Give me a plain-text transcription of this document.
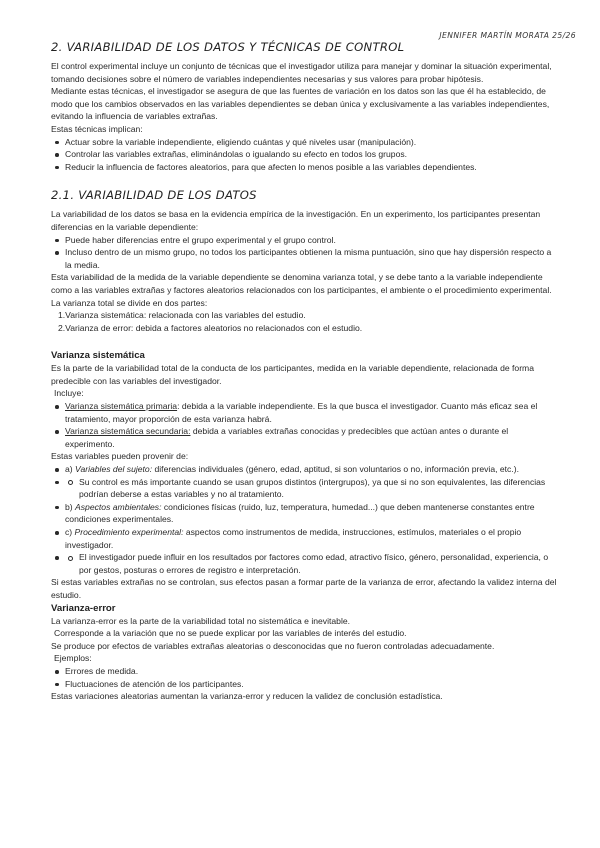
JENNIFER MARTÍN MORATA 25/26
2. VARIABILIDAD DE LOS DATOS Y TÉCNICAS DE CONTROL

El control experimental incluye un conjunto de técnicas que el investigador utiliza para manejar y dominar la situación experimental, tomando decisiones sobre el número de variables independientes necesarias y sus valores para probar hipótesis.

Mediante estas técnicas, el investigador se asegura de que las fuentes de variación en los datos son las que él ha establecido, de modo que los cambios observados en las variables dependientes se deban única y exclusivamente a las variables independientes, evitando la influencia de variables extrañas.

Estas técnicas implican:

Actuar sobre la variable independiente, eligiendo cuántas y qué niveles usar (manipulación).
Controlar las variables extrañas, eliminándolas o igualando su efecto en todos los grupos.
Reducir la influencia de factores aleatorios, para que afecten lo menos posible a las variables dependientes.
2.1. VARIABILIDAD DE LOS DATOS

La variabilidad de los datos se basa en la evidencia empírica de la investigación. En un experimento, los participantes presentan diferencias en la variable dependiente:

Puede haber diferencias entre el grupo experimental y el grupo control.
Incluso dentro de un mismo grupo, no todos los participantes obtienen la misma puntuación, sino que hay dispersión respecto a la media.

Esta variabilidad de la medida de la variable dependiente se denomina varianza total, y se debe tanto a la variable independiente como a las variables extrañas y factores aleatorios relacionados con los participantes, el ambiente o el procedimiento experimental.

La varianza total se divide en dos partes:

1.Varianza sistemática: relacionada con las variables del estudio.
2.Varianza de error: debida a factores aleatorios no relacionados con el estudio.
Varianza sistemática

Es la parte de la variabilidad total de la conducta de los participantes, medida en la variable dependiente, relacionada de forma predecible con las variables del investigador.

Incluye:

Varianza sistemática primaria: debida a la variable independiente. Es la que busca el investigador. Cuanto más eficaz sea el tratamiento, mayor proporción de esta varianza habrá.
Varianza sistemática secundaria: debida a variables extrañas conocidas y predecibles que actúan antes o durante el experimento.

Estas variables pueden provenir de:

a) Variables del sujeto: diferencias individuales (género, edad, aptitud, si son voluntarios o no, información previa, etc.).
Su control es más importante cuando se usan grupos distintos (intergrupos), ya que si no son equivalentes, las diferencias podrían deberse a estas variables y no al tratamiento.
b) Aspectos ambientales: condiciones físicas (ruido, luz, temperatura, humedad...) que deben mantenerse constantes entre condiciones experimentales.
c) Procedimiento experimental: aspectos como instrumentos de medida, instrucciones, estímulos, materiales o el propio investigador.
El investigador puede influir en los resultados por factores como edad, atractivo físico, género, personalidad, experiencia, o por gestos, posturas o errores de registro e interpretación.

Si estas variables extrañas no se controlan, sus efectos pasan a formar parte de la varianza de error, afectando la validez interna del estudio.

Varianza-error

La varianza-error es la parte de la variabilidad total no sistemática e inevitable.

Corresponde a la variación que no se puede explicar por las variables de interés del estudio.

Se produce por efectos de variables extrañas aleatorias o desconocidas que no fueron controladas adecuadamente.

Ejemplos:

Errores de medida.
Fluctuaciones de atención de los participantes.

Estas variaciones aleatorias aumentan la varianza-error y reducen la validez de conclusión estadística.
